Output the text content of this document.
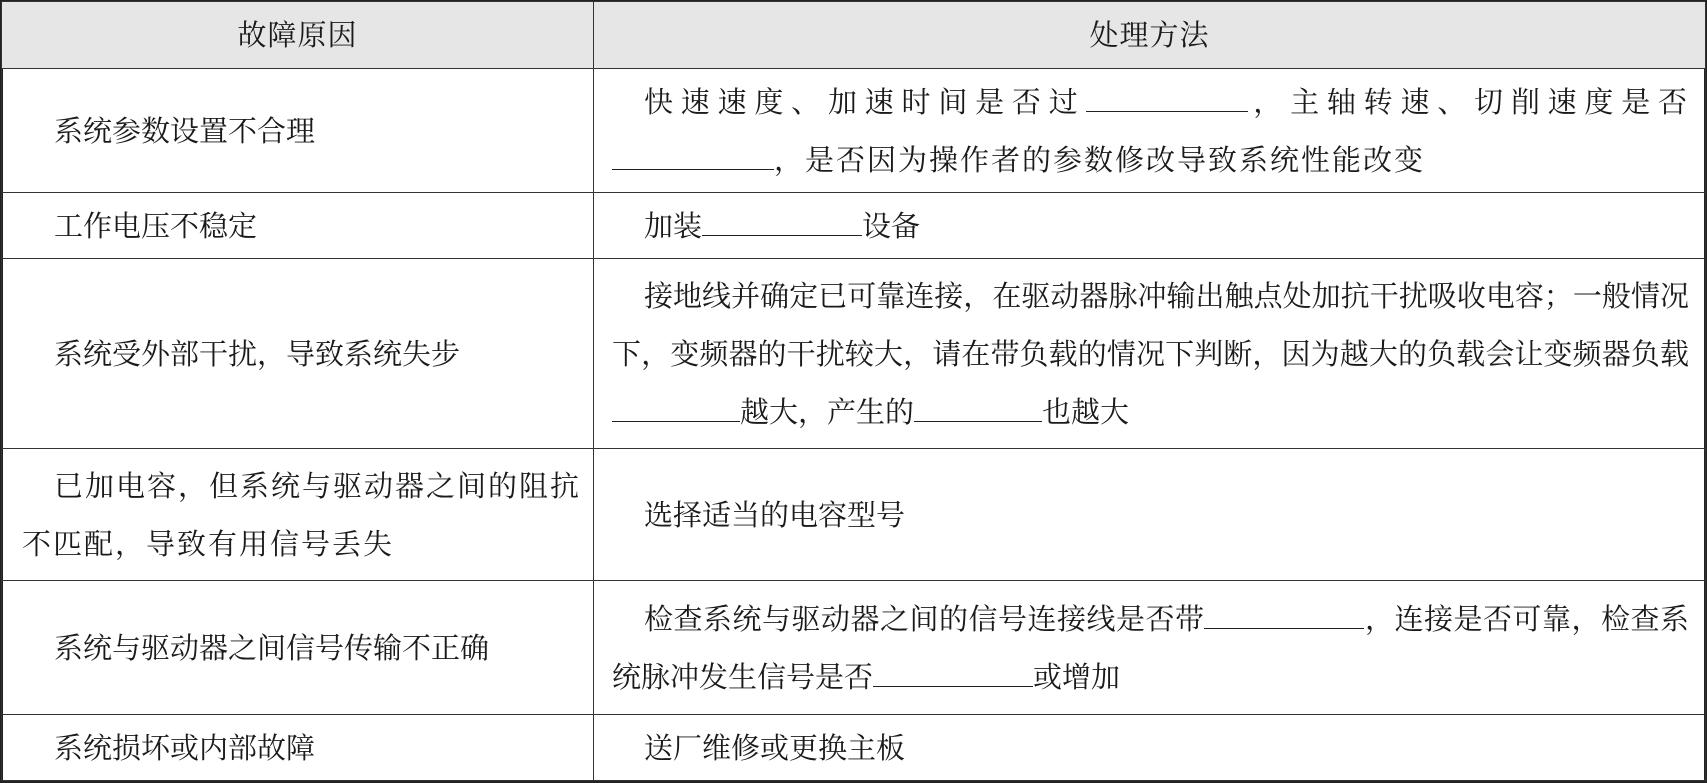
故障原因	处理方法
系统参数设置不合理	快速速度、加速时间是否过 ，主轴转速、切削速度是否，是否因为操作者的参数修改导致系统性能改变
工作电压不稳定	加装 设备
系统受外部干扰，导致系统失步	接地线并确定已可靠连接，在驱动器脉冲输出触点处加抗干扰吸收电容；一般情况下，变频器的干扰较大，请在带负载的情况下判断，因为越大的负载会让变频器负载越大，产生的 也越大
已加电容，但系统与驱动器之间的阻抗不匹配，导致有用信号丢失	选择适当的电容型号
系统与驱动器之间信号传输不正确	检查系统与驱动器之间的信号连接线是否带 ，连接是否可靠，检查系统脉冲发生信号是否 或增加
系统损坏或内部故障	送厂维修或更换主板
